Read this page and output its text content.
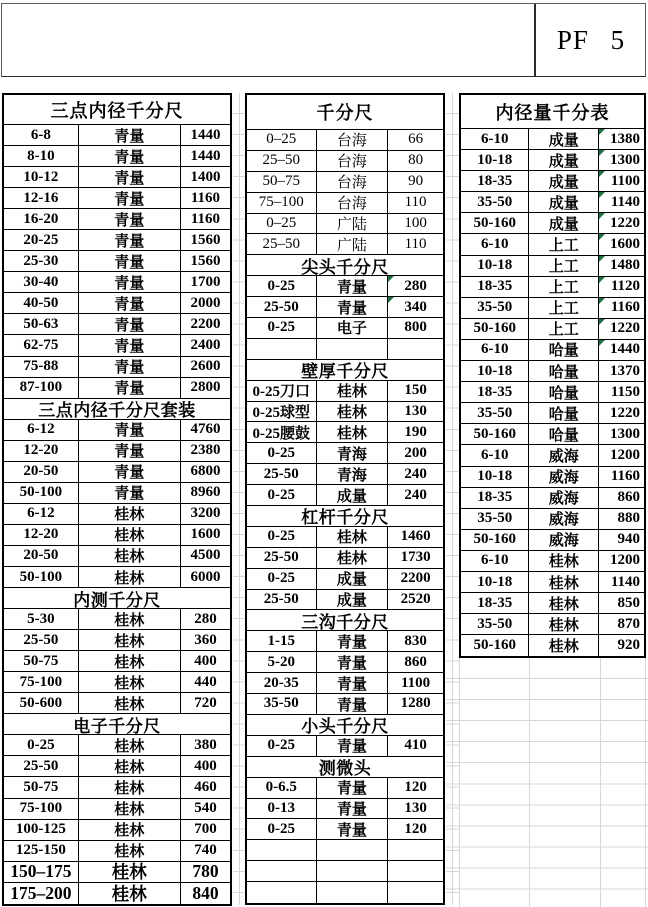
PF 5
三点内径千分尺
6-8	青量	1440
8-10	青量	1440
10-12	青量	1400
12-16	青量	1160
16-20	青量	1160
20-25	青量	1560
25-30	青量	1560
30-40	青量	1700
40-50	青量	2000
50-63	青量	2200
62-75	青量	2400
75-88	青量	2600
87-100	青量	2800
三点内径千分尺套装
6-12	青量	4760
12-20	青量	2380
20-50	青量	6800
50-100	青量	8960
6-12	桂林	3200
12-20	桂林	1600
20-50	桂林	4500
50-100	桂林	6000
内测千分尺
5-30	桂林	280
25-50	桂林	360
50-75	桂林	400
75-100	桂林	440
50-600	桂林	720
电子千分尺
0-25	桂林	380
25-50	桂林	400
50-75	桂林	460
75-100	桂林	540
100-125	桂林	700
125-150	桂林	740
150–175	桂林	780
175–200	桂林	840
千分尺
0–25	台海	66
25–50	台海	80
50–75	台海	90
75–100	台海	110
0–25	广陆	100
25–50	广陆	110
尖头千分尺
0-25	青量	280
25-50	青量	340
0-25	电子	800
壁厚千分尺
0-25刀口	桂林	150
0-25球型	桂林	130
0-25腰鼓	桂林	190
0-25	青海	200
25-50	青海	240
0-25	成量	240
杠杆千分尺
0-25	桂林	1460
25-50	桂林	1730
0-25	成量	2200
25-50	成量	2520
三沟千分尺
1-15	青量	830
5-20	青量	860
20-35	青量	1100
35-50	青量	1280
小头千分尺
0-25	青量	410
测微头
0-6.5	青量	120
0-13	青量	130
0-25	青量	120
内径量千分表
6-10	成量	1380
10-18	成量	1300
18-35	成量	1100
35-50	成量	1140
50-160	成量	1220
6-10	上工	1600
10-18	上工	1480
18-35	上工	1120
35-50	上工	1160
50-160	上工	1220
6-10	哈量	1440
10-18	哈量	1370
18-35	哈量	1150
35-50	哈量	1220
50-160	哈量	1300
6-10	威海	1200
10-18	威海	1160
18-35	威海	860
35-50	威海	880
50-160	威海	940
6-10	桂林	1200
10-18	桂林	1140
18-35	桂林	850
35-50	桂林	870
50-160	桂林	920
